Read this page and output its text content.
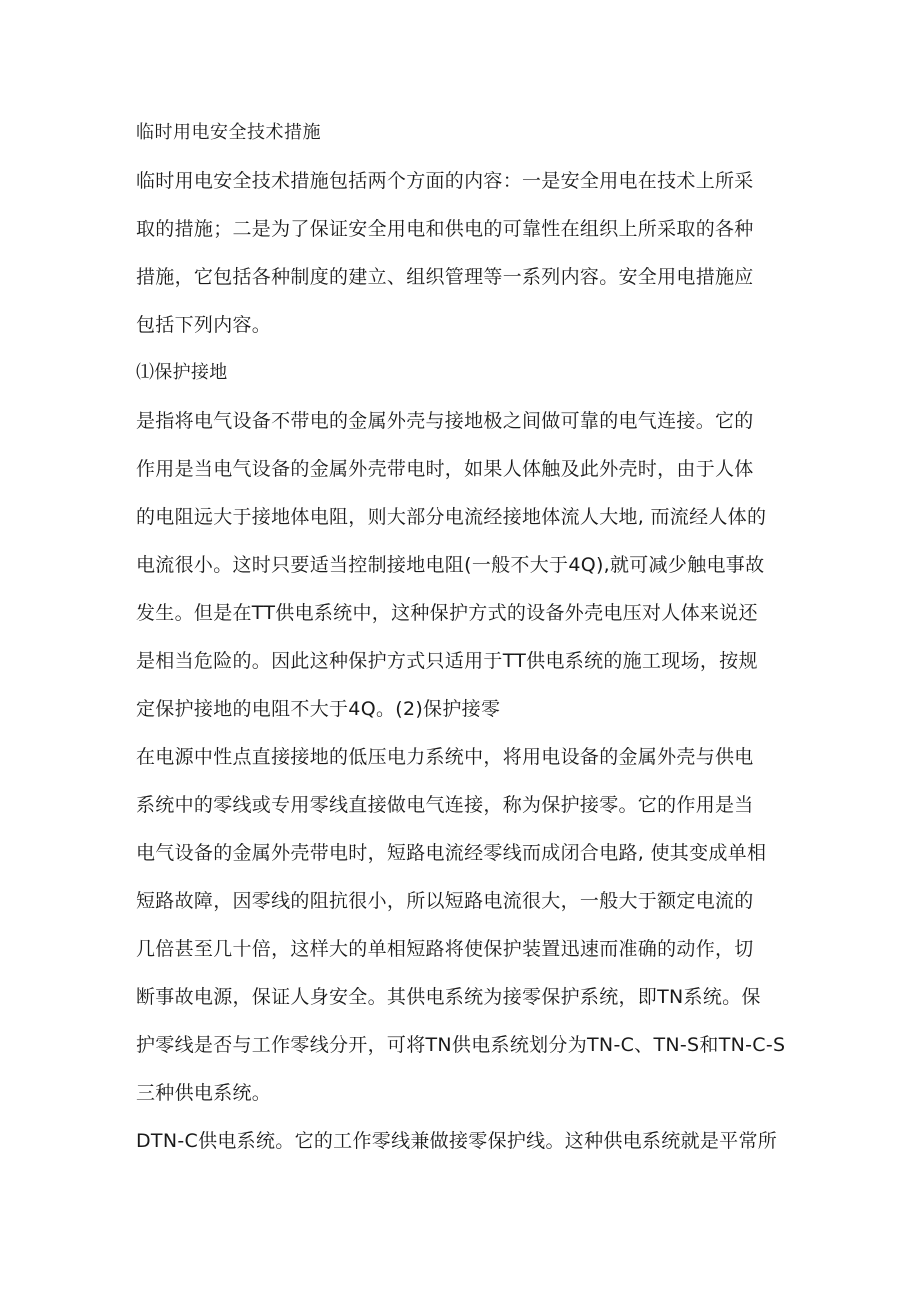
临时用电安全技术措施
临时用电安全技术措施包括两个方面的内容：一是安全用电在技术上所采
取的措施；二是为了保证安全用电和供电的可靠性在组织上所采取的各种
措施，它包括各种制度的建立、组织管理等一系列内容。安全用电措施应
包括下列内容。
⑴保护接地
是指将电气设备不带电的金属外壳与接地极之间做可靠的电气连接。它的
作用是当电气设备的金属外壳带电时，如果人体触及此外壳时，由于人体
的电阻远大于接地体电阻，则大部分电流经接地体流人大地, 而流经人体的
电流很小。这时只要适当控制接地电阻(一般不大于4Q),就可减少触电事故
发生。但是在TT供电系统中，这种保护方式的设备外壳电压对人体来说还
是相当危险的。因此这种保护方式只适用于TT供电系统的施工现场，按规
定保护接地的电阻不大于4Q。(2)保护接零
在电源中性点直接接地的低压电力系统中，将用电设备的金属外壳与供电
系统中的零线或专用零线直接做电气连接，称为保护接零。它的作用是当
电气设备的金属外壳带电时，短路电流经零线而成闭合电路, 使其变成单相
短路故障，因零线的阻抗很小，所以短路电流很大，一般大于额定电流的
几倍甚至几十倍，这样大的单相短路将使保护装置迅速而准确的动作，切
断事故电源，保证人身安全。其供电系统为接零保护系统，即TN系统。保
护零线是否与工作零线分开，可将TN供电系统划分为TN-C、TN-S和TN-C-S
三种供电系统。
DTN-C供电系统。它的工作零线兼做接零保护线。这种供电系统就是平常所
